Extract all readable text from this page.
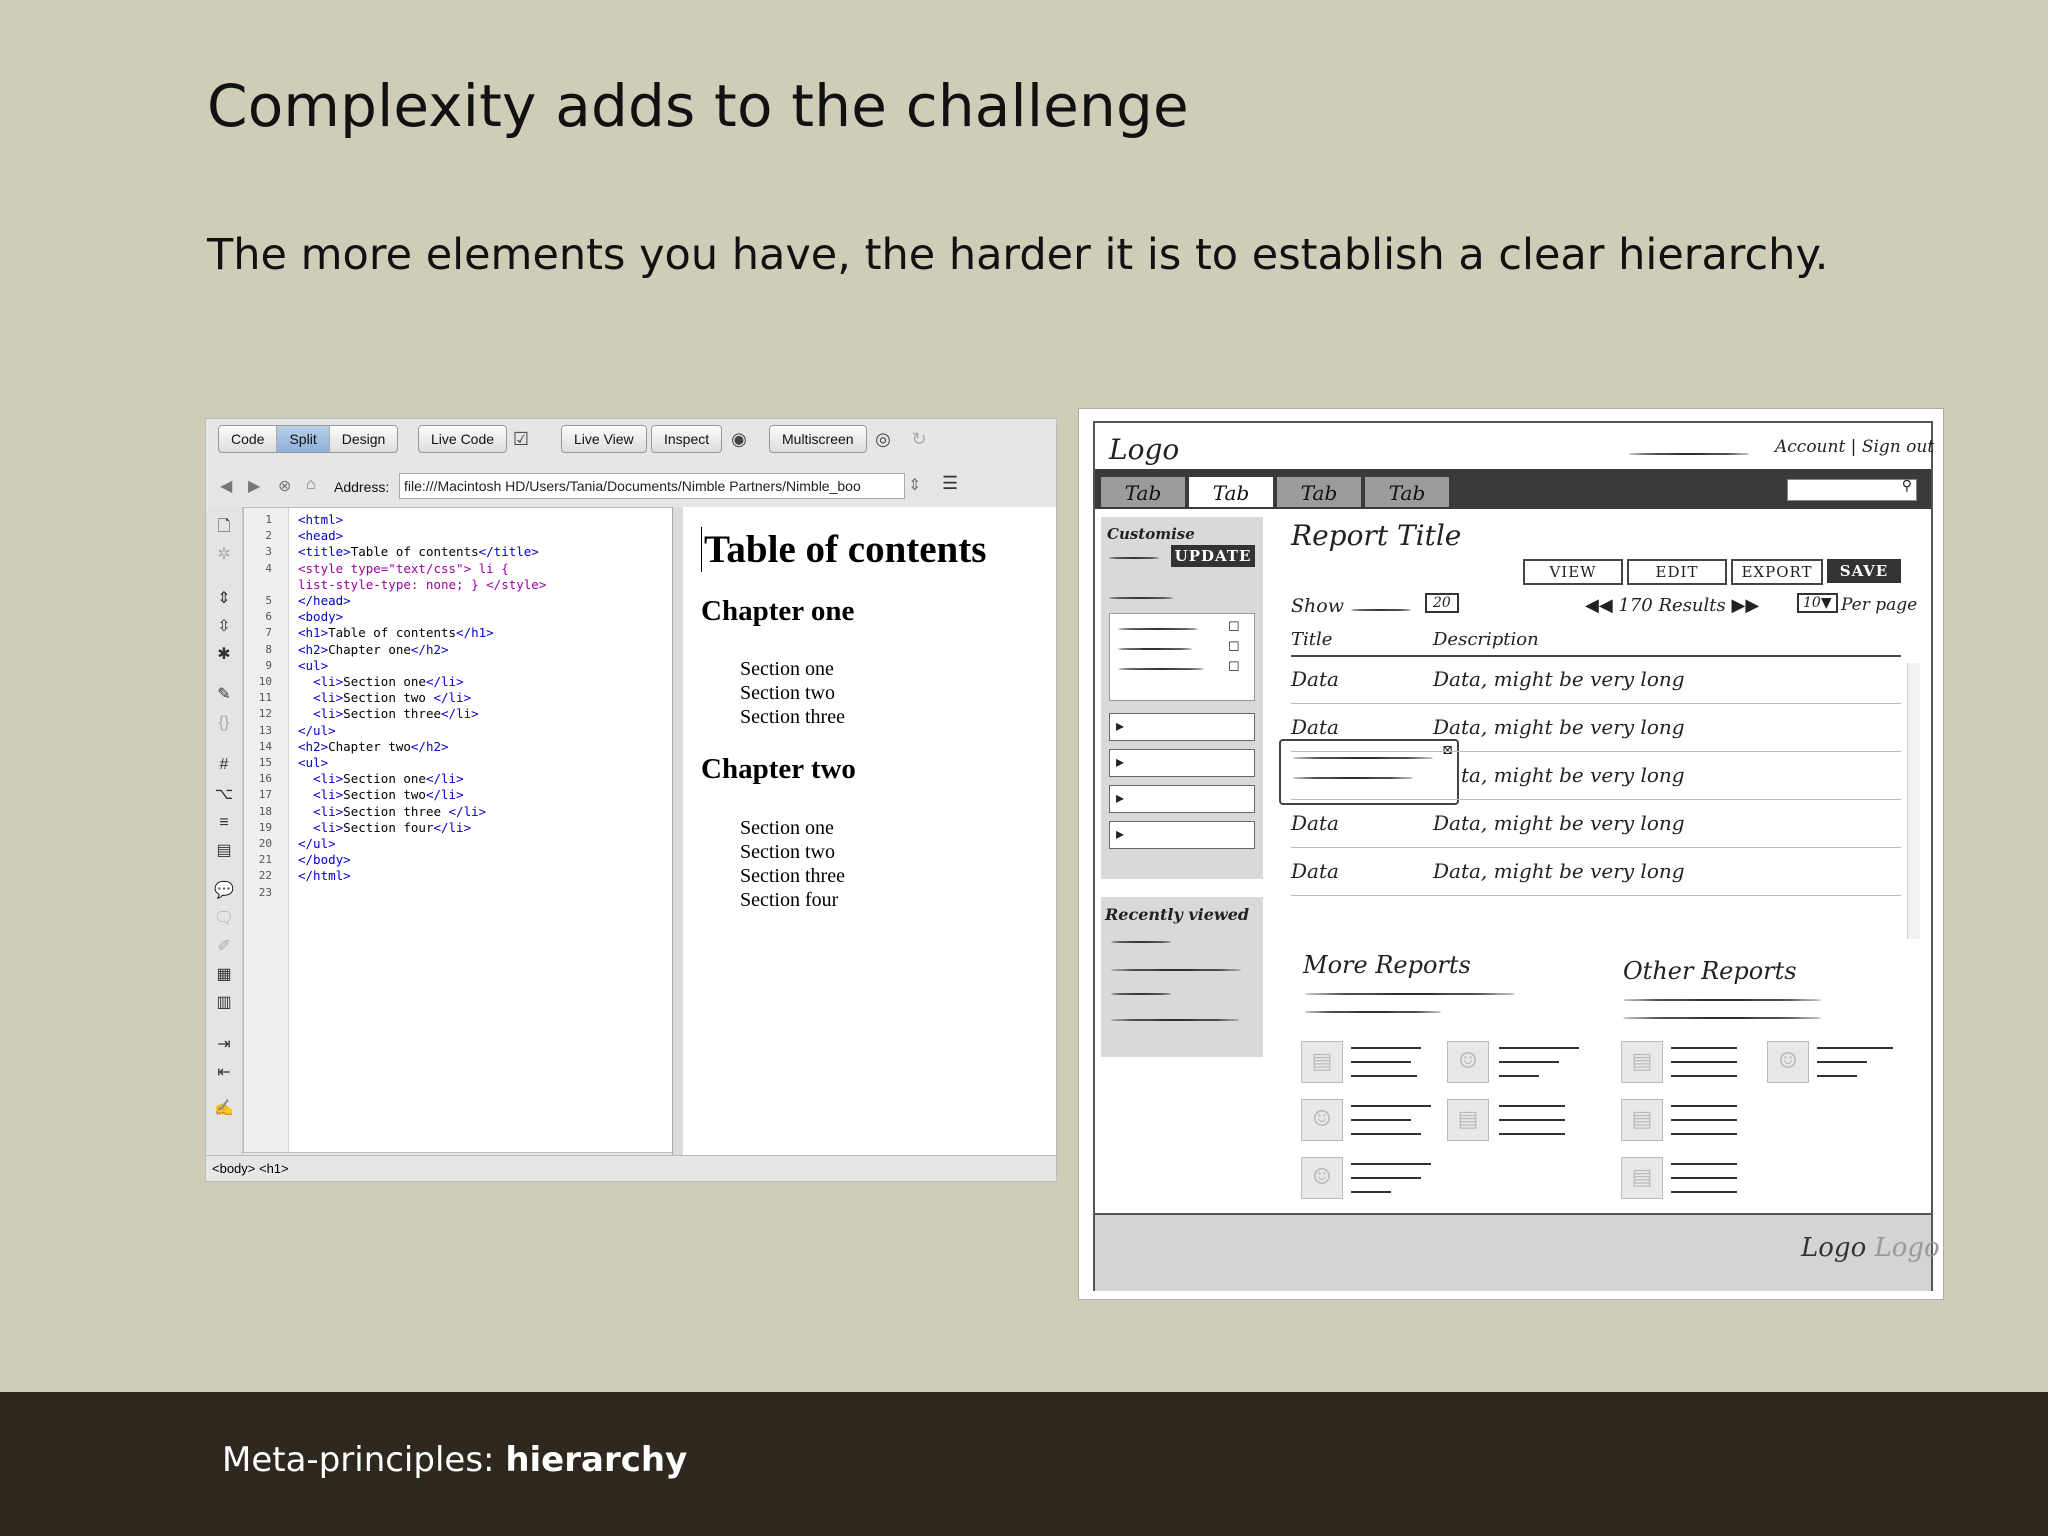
Complexity adds to the challenge
The more elements you have, the harder it is to establish a clear hierarchy.
Code	Split	Design	Live Code	☑	Live View	Inspect	◉	Multiscreen	◎	↻
◀ ▶ ⊗ ⌂ Address:	file:///Macintosh HD/Users/Tania/Documents/Nimble Partners/Nimble_boo	⇕ ☰
🗋
✲
⇕
⇳
✱
✎
{}
#
⌥
≡
▤
💬
🗨
✐
▦
▥
⇥
⇤
✍
1 <html>
2 <head>
3 <title>Table of contents</title>
4 <style type="text/css"> li {
list-style-type: none; } </style>
5 </head>
6 <body>
7 <h1>Table of contents</h1>
8 <h2>Chapter one</h2>
9 <ul>
10	<li>Section one</li>
11	<li>Section two </li>
12	<li>Section three</li>
13 </ul>
14 <h2>Chapter two</h2>
15 <ul>
16	<li>Section one</li>
17	<li>Section two</li>
18	<li>Section three </li>
19	<li>Section four</li>
20 </ul>
21 </body>
22 </html>
23
Table of contents
Chapter one
Section one
Section two
Section three
Chapter two
Section one
Section two
Section three
Section four
<body> <h1>
Logo	Account | Sign out
Tab	Tab	Tab	Tab	⚲
Customise
UPDATE
☐
☐
☐
▸
▸
▸
▸
⊠
Recently viewed
Report Title
VIEW	EDIT	EXPORT	SAVE
Show	20	◀◀ 170 Results ▶▶	10▼ Per page
Title	Description
Data	Data, might be very long
Data	Data, might be very long
ta, might be very long
Data	Data, might be very long
Data	Data, might be very long
More Reports	Other Reports
▤	☺
☺	▤
☺
▤	☺
▤
▤
Logo Logo
Meta-principles: hierarchy
